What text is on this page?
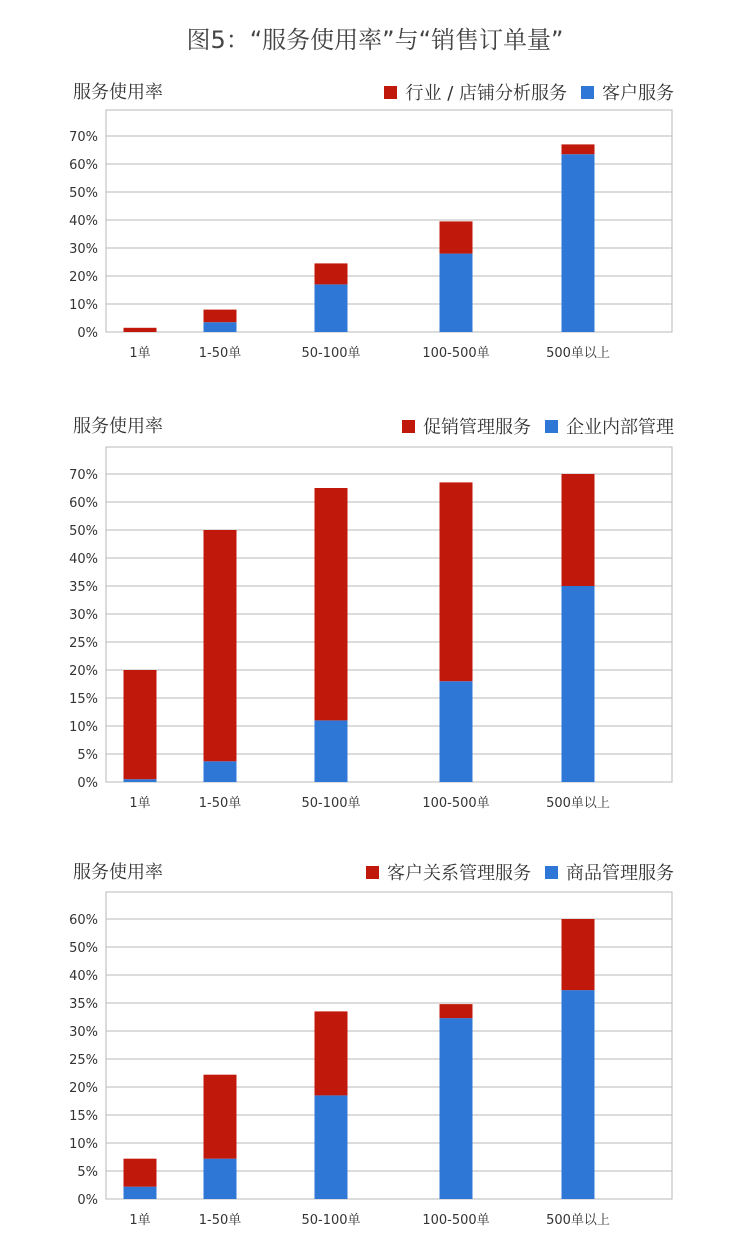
图5：“服务使用率”与“销售订单量”
服务使用率	行业 / 店铺分析服务 客户服务
0%
10%
20%
30%
40%
50%
60%
70%
1单	1-50单	50-100单	100-500单	500单以上
服务使用率	促销管理服务 企业内部管理
0%
5%
10%
15%
20%
25%
30%
35%
40%
50%
60%
70%
1单	1-50单	50-100单	100-500单	500单以上
服务使用率	客户关系管理服务 商品管理服务
0%
5%
10%
15%
20%
25%
30%
35%
40%
50%
60%
1单	1-50单	50-100单	100-500单	500单以上
